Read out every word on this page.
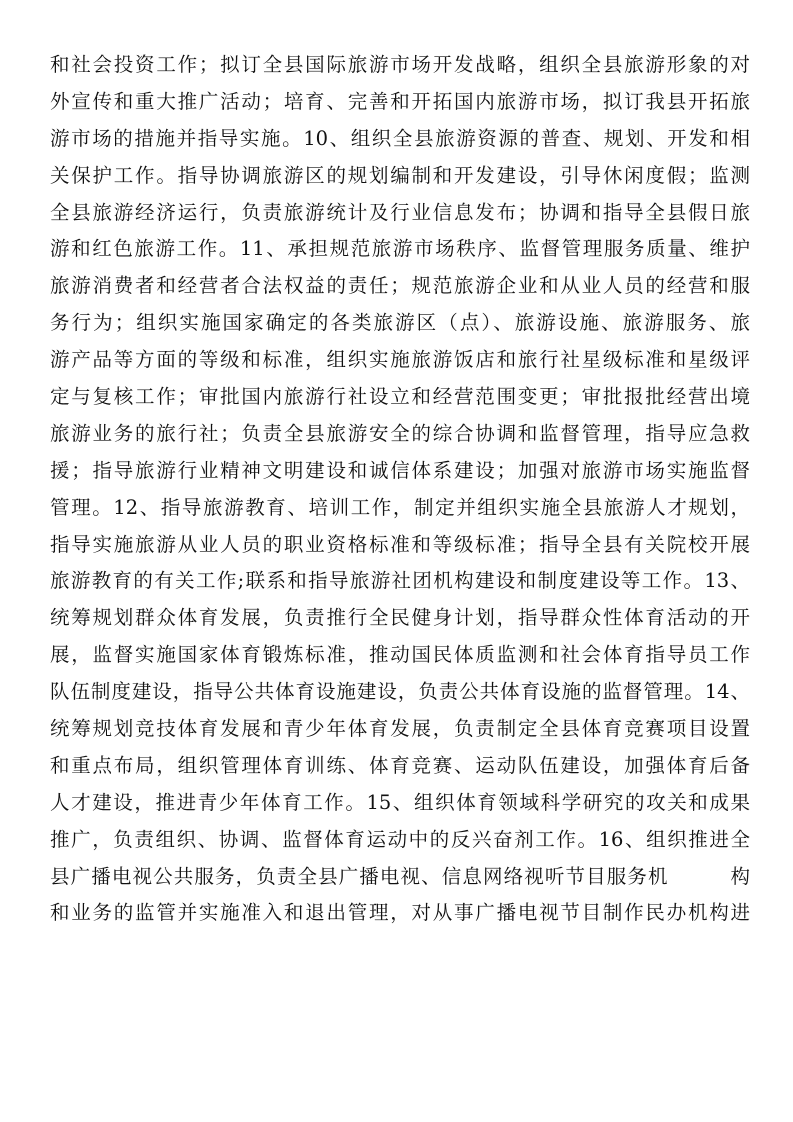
和社会投资工作；拟订全县国际旅游市场开发战略，组织全县旅游形象的对
外宣传和重大推广活动；培育、完善和开拓国内旅游市场，拟订我县开拓旅
游市场的措施并指导实施。10、组织全县旅游资源的普查、规划、开发和相
关保护工作。指导协调旅游区的规划编制和开发建设，引导休闲度假；监测
全县旅游经济运行，负责旅游统计及行业信息发布；协调和指导全县假日旅
游和红色旅游工作。11、承担规范旅游市场秩序、监督管理服务质量、维护
旅游消费者和经营者合法权益的责任；规范旅游企业和从业人员的经营和服
务行为；组织实施国家确定的各类旅游区（点）、旅游设施、旅游服务、旅
游产品等方面的等级和标准，组织实施旅游饭店和旅行社星级标准和星级评
定与复核工作；审批国内旅游行社设立和经营范围变更；审批报批经营出境
旅游业务的旅行社；负责全县旅游安全的综合协调和监督管理，指导应急救
援；指导旅游行业精神文明建设和诚信体系建设；加强对旅游市场实施监督
管理。12、指导旅游教育、培训工作，制定并组织实施全县旅游人才规划，
指导实施旅游从业人员的职业资格标准和等级标准；指导全县有关院校开展
旅游教育的有关工作;联系和指导旅游社团机构建设和制度建设等工作。13、
统筹规划群众体育发展，负责推行全民健身计划，指导群众性体育活动的开
展，监督实施国家体育锻炼标准，推动国民体质监测和社会体育指导员工作
队伍制度建设，指导公共体育设施建设，负责公共体育设施的监督管理。14、
统筹规划竞技体育发展和青少年体育发展，负责制定全县体育竞赛项目设置
和重点布局，组织管理体育训练、体育竞赛、运动队伍建设，加强体育后备
人才建设，推进青少年体育工作。15、组织体育领域科学研究的攻关和成果
推广，负责组织、协调、监督体育运动中的反兴奋剂工作。16、组织推进全
县广播电视公共服务，负责全县广播电视、信息网络视听节目服务机　　　构
和业务的监管并实施准入和退出管理，对从事广播电视节目制作民办机构进
